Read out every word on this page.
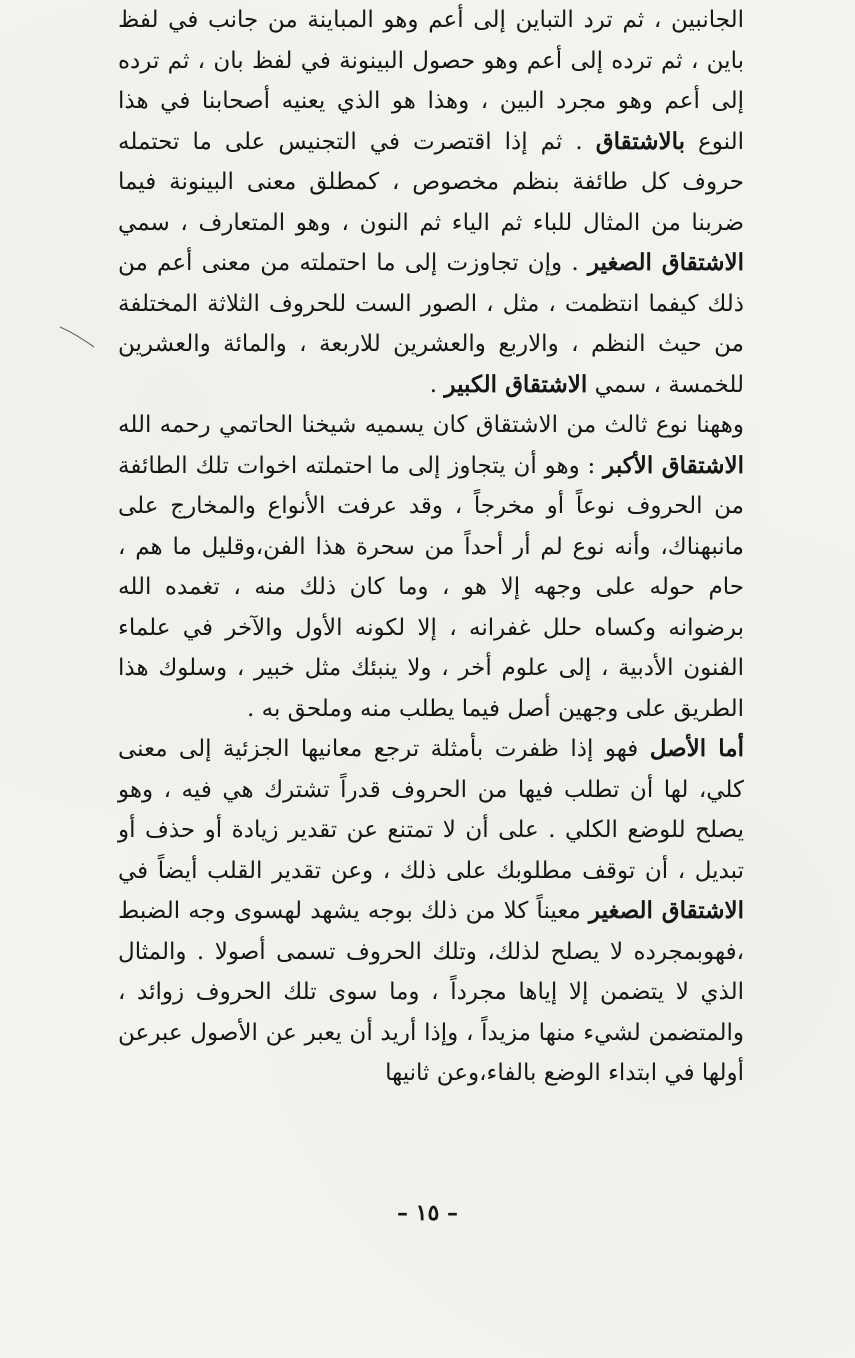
الجانبين ، ثم ترد التباين إلى أعم وهو المباينة من جانب في لفظ باين ، ثم ترده إلى أعم وهو حصول البينونة في لفظ بان ، ثم ترده إلى أعم وهو مجرد البين ، وهذا هو الذي يعنيه أصحابنا في هذا النوع بالاشتقاق . ثم إذا اقتصرت في التجنيس على ما تحتمله حروف كل طائفة بنظم مخصوص ، كمطلق معنى البينونة فيما ضربنا من المثال للباء ثم الياء ثم النون ، وهو المتعارف ، سمي الاشتقاق الصغير . وإن تجاوزت إلى ما احتملته من معنى أعم من ذلك كيفما انتظمت ، مثل ، الصور الست للحروف الثلاثة المختلفة من حيث النظم ، والاربع والعشرين للاربعة ، والمائة والعشرين للخمسة ، سمي الاشتقاق الكبير .

وههنا نوع ثالث من الاشتقاق كان يسميه شيخنا الحاتمي رحمه الله الاشتقاق الأكبر : وهو أن يتجاوز إلى ما احتملته اخوات تلك الطائفة من الحروف نوعاً أو مخرجاً ، وقد عرفت الأنواع والمخارج على مانبهناك، وأنه نوع لم أر أحداً من سحرة هذا الفن،وقليل ما هم ، حام حوله على وجهه إلا هو ، وما كان ذلك منه ، تغمده الله برضوانه وكساه حلل غفرانه ، إلا لكونه الأول والآخر في علماء الفنون الأدبية ، إلى علوم أخر ، ولا ينبئك مثل خبير ، وسلوك هذا الطريق على وجهين أصل فيما يطلب منه وملحق به .

أما الأصل فهو إذا ظفرت بأمثلة ترجع معانيها الجزئية إلى معنى كلي، لها أن تطلب فيها من الحروف قدراً تشترك هي فيه ، وهو يصلح للوضع الكلي . على أن لا تمتنع عن تقدير زيادة أو حذف أو تبديل ، أن توقف مطلوبك على ذلك ، وعن تقدير القلب أيضاً في الاشتقاق الصغير معيناً كلا من ذلك بوجه يشهد لهسوى وجه الضبط ،فهوبمجرده لا يصلح لذلك، وتلك الحروف تسمى أصولا . والمثال الذي لا يتضمن إلا إياها مجرداً ، وما سوى تلك الحروف زوائد ، والمتضمن لشيء منها مزيداً ، وإذا أريد أن يعبر عن الأصول عبرعن أولها في ابتداء الوضع بالفاء،وعن ثانيها

– ١٥ –
